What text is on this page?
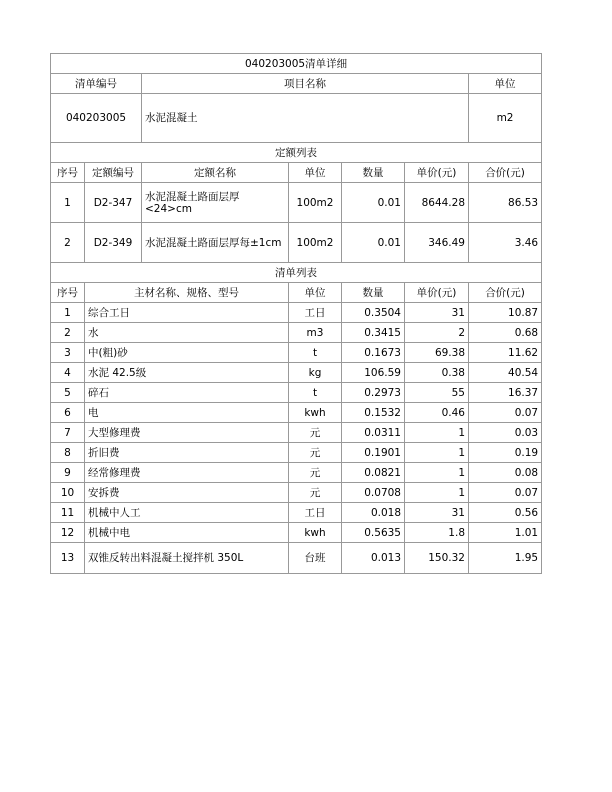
040203005清单详细							
清单编号		项目名称				单位	
040203005		水泥混凝土				m2	
定额列表							
序号	定额编号	定额名称	单位	数量	单价(元)	合价(元)	
1	D2-347	水泥混凝土路面层厚<24>cm	100m2	0.01	8644.28	86.53	
2	D2-349	水泥混凝土路面层厚每±1cm	100m2	0.01	346.49	3.46	
清单列表							
序号	主材名称、规格、型号		单位	数量	单价(元)	合价(元)	
1	综合工日		工日	0.3504	31	10.87	
2	水		m3	0.3415	2	0.68	
3	中(粗)砂		t	0.1673	69.38	11.62	
4	水泥 42.5级		kg	106.59	0.38	40.54	
5	碎石		t	0.2973	55	16.37	
6	电		kwh	0.1532	0.46	0.07	
7	大型修理费		元	0.0311	1	0.03	
8	折旧费		元	0.1901	1	0.19	
9	经常修理费		元	0.0821	1	0.08	
10	安拆费		元	0.0708	1	0.07	
11	机械中人工		工日	0.018	31	0.56	
12	机械中电		kwh	0.5635	1.8	1.01	
13	双锥反转出料混凝土搅拌机 350L		台班	0.013	150.32	1.95	
